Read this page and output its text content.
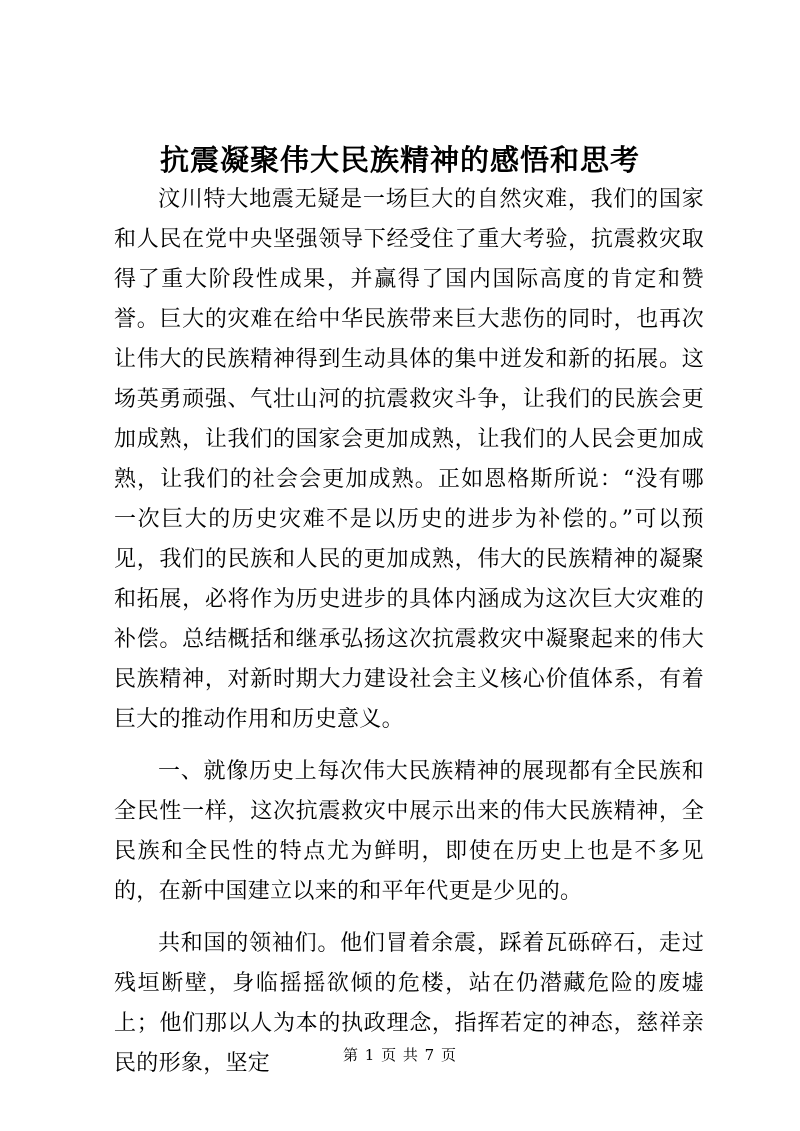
抗震凝聚伟大民族精神的感悟和思考

汶川特大地震无疑是一场巨大的自然灾难，我们的国家和人民在党中央坚强领导下经受住了重大考验，抗震救灾取得了重大阶段性成果，并赢得了国内国际高度的肯定和赞誉。巨大的灾难在给中华民族带来巨大悲伤的同时，也再次让伟大的民族精神得到生动具体的集中迸发和新的拓展。这场英勇顽强、气壮山河的抗震救灾斗争，让我们的民族会更加成熟，让我们的国家会更加成熟，让我们的人民会更加成熟，让我们的社会会更加成熟。正如恩格斯所说：“没有哪一次巨大的历史灾难不是以历史的进步为补偿的。”可以预见，我们的民族和人民的更加成熟，伟大的民族精神的凝聚和拓展，必将作为历史进步的具体内涵成为这次巨大灾难的补偿。总结概括和继承弘扬这次抗震救灾中凝聚起来的伟大民族精神，对新时期大力建设社会主义核心价值体系，有着巨大的推动作用和历史意义。

一、就像历史上每次伟大民族精神的展现都有全民族和全民性一样，这次抗震救灾中展示出来的伟大民族精神，全民族和全民性的特点尤为鲜明，即使在历史上也是不多见的，在新中国建立以来的和平年代更是少见的。

共和国的领袖们。他们冒着余震，踩着瓦砾碎石，走过残垣断壁，身临摇摇欲倾的危楼，站在仍潜藏危险的废墟上；他们那以人为本的执政理念，指挥若定的神态，慈祥亲民的形象，坚定	第 1 页 共 7 页
